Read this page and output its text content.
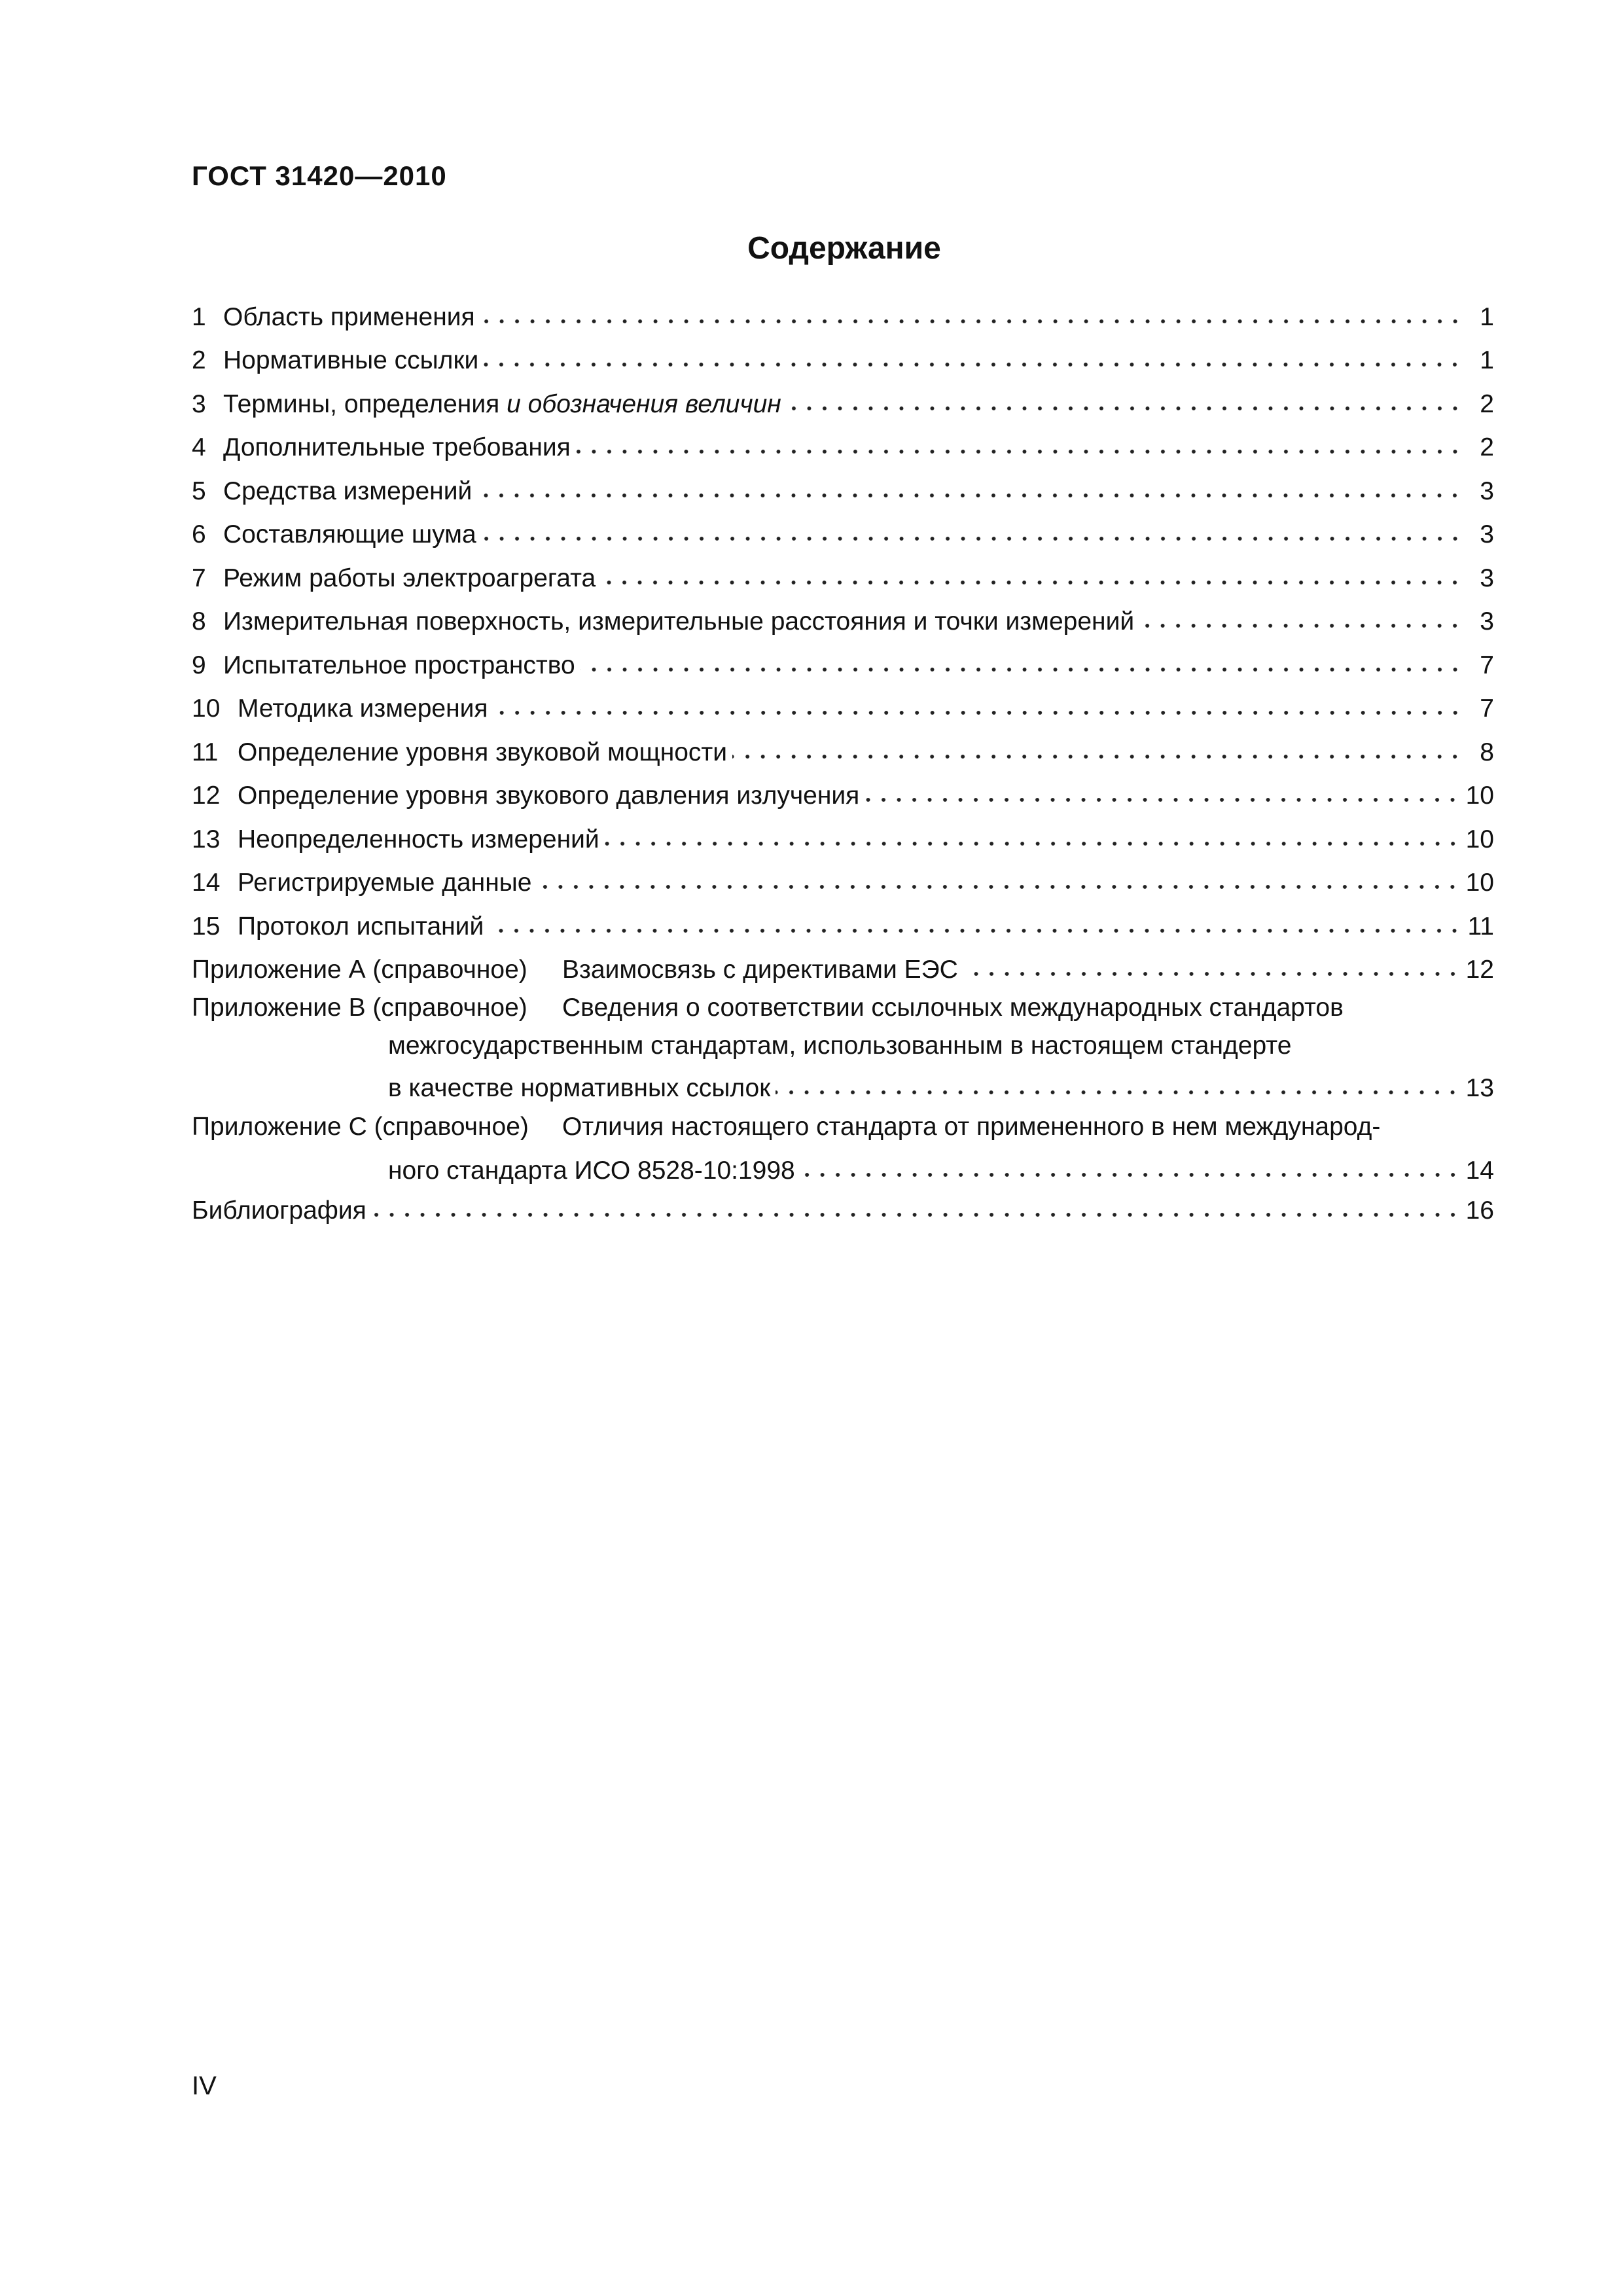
ГОСТ 31420—2010
Содержание
1 Область применения	1
2 Нормативные ссылки	1
3 Термины, определения и обозначения величин	2
4 Дополнительные требования	2
5 Средства измерений	3
6 Составляющие шума	3
7 Режим работы электроагрегата	3
8 Измерительная поверхность, измерительные расстояния и точки измерений	3
9 Испытательное пространство	7
10 Методика измерения	7
11 Определение уровня звуковой мощности	8
12 Определение уровня звукового давления излучения	10
13 Неопределенность измерений	10
14 Регистрируемые данные	10
15 Протокол испытаний	11
Приложение А (справочное) Взаимосвязь с директивами ЕЭС	12
Приложение В (справочное) Сведения о соответствии ссылочных международных стандартов
межгосударственным стандартам, использованным в настоящем стандерте
в качестве нормативных ссылок	13
Приложение С (справочное) Отличия настоящего стандарта от примененного в нем международ-
ного стандарта ИСО 8528-10:1998	14
Библиография	16
IV
